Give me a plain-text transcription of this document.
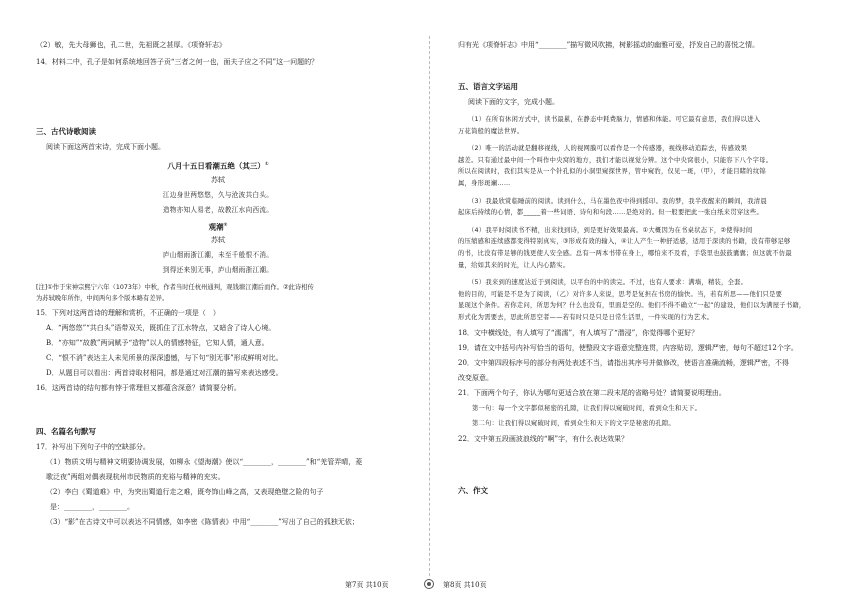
（2）敏，先大母狮也，孔二世，先祖既之甚厚。《项脊轩志》
14．材料二中，孔子是如何系统地回答子贡“三者之何一也，面夫子应之不同”这一问题的？
三、古代诗歌阅读
阅读下面这两首宋诗，完成下面小题。
八月十五日看潮五绝（其三）①
苏轼
江边身世两悠悠，久与沧波共白头。
造物亦知人易老，故教江水向西流。
观潮②
苏轼
庐山烟雨浙江潮，未至千般恨不消。
到得还来别无事，庐山烟雨浙江潮。
[注]①作于宋神宗熙宁六年（1073年）中秋，作者当时任杭州通判，观钱塘江潮后而作。②此诗相传
为苏轼晚年所作，中间两句多个版本略有差异。
15．下列对这两首诗的理解和赏析，不正确的一项是（　）
A．“两悠悠”“共白头”语带双关，既抓住了江水特点，又暗含了诗人心境。
B．“亦知”“故教”两词赋予“造物”以人的情感特征，它知人情，通人意。
C．“恨不消”表达主人未见所景的深深遗憾，与下句“别无事”形成鲜明对比。
D．从题目可以看出：两首诗取材相同，都是通过对江潮的描写来表达感受。
16．这两首诗的结句都有悖于常理但又都蕴含深意？请简要分析。
四、名篇名句默写
17．补写出下列句子中的空缺部分。
（1）物质文明与精神文明要协调发展，如柳永《望海潮》使以“________，________”和“羌管弄晴，菱
歌泛夜”两组对偶表现杭州市民物质的充裕与精神的充实。
（2）李白《蜀道难》中，为突出蜀道行走之难，既夸饰山峰之高，又表现绝壁之险的句子
是：________，________。
（3）“影”在古诗文中可以表达不同情感，如李密《陈情表》中用“________”写出了自己的孤独无依；
第7页 共10页
归有光《项脊轩志》中用“________”描写微风吹拂，树影摇动的幽雅可爱，抒发自己的喜悦之情。
五、语言文字运用
阅读下面的文字，完成小题。
（1）在所有休闲方式中，读书最累，在静态中耗费脑力，情感和体能。可它最有意思，我们得以进入
万花筒般的魔法世界。
（2）唯一的活动就是翻移视线，人的视网膜可以看作是一个传感器，视线移动追踪去，传感效果
越差。只有通过最中间一个叫作中央窝的地方，我们才能以视觉分辨。这个中央窝很小，只能容下八个字母。
所以在阅读时，我们其实是从一个针孔似的小洞里窥探世界，管中窥豹，仅见一斑，（甲），才能目睹的纹锦
属，身形斑斓……
（3）我最欣赏临睡前的阅读。读到什么，马在墨色夜中得到摇印。我的梦，我半夜醒来的瞬间，我清晨
起床后持续的心情，都_____着一些词语、诗句和句段……是绝对的。但一般要把此一张白纸来贯穿这些。
（4）我平时阅读书不精，出来找到诗，到是更好效果最高。①大概因为在书桌状态下，②使得时间
的压缩感和连续感都变得特别真实，③形成有效的输入，④让人产生一种舒适感，适用于深读的书籍，没有带够足够
的书，比没有带足够的钱更使人安全感。总有一两本书带在身上，哪怕来不及看，手袋里也鼓鼓囊囊；但这就不仿最
量，给如其来的时光，让人内心踏实。
（5）我来到的速度达近于到阅读，以平台的中的读完。不过，也有人要求：满墙，精装，全套。
他的目的，可能是不是为了阅读，（乙）对许多人来说，思考是复担在书房的愉快。当，若有所思——他们只是要
显现这个条件。若你走问，所思为何？什么也没有，里面是空的。他们不得不确立“一起”的建设，他们以为满屋子书籍，
形式化为需要去，思此所思空者——若有时只是只是日常生活里，一件实现的行为艺术。
18．文中横线处，有人填写了“濡濡”，有人填写了“潜浸”，你觉得哪个更好？
19．请在文中括号内补写恰当的语句，使整段文字语意完整连贯，内容贴切，逻辑严密，每句不超过12个字。
20．文中第四段标序号的部分有两处表述不当，请指出其序号并做修改，使语言准确流畅，逻辑严密，不得
改变原意。
21．下面两个句子，你认为哪句更适合放在第二段末尾的省略号处？请简要说明理由。
第一句：每一个文字都似秘密的孔隙，让我们得以窥破时间，看到众生和天下。
第二句：让我们得以窥破时间，看到众生和天下的文字是秘密的孔隙。
22．文中第五段画波浪线的“啊”字，有什么表达效果？
六、作文
第8页 共10页
